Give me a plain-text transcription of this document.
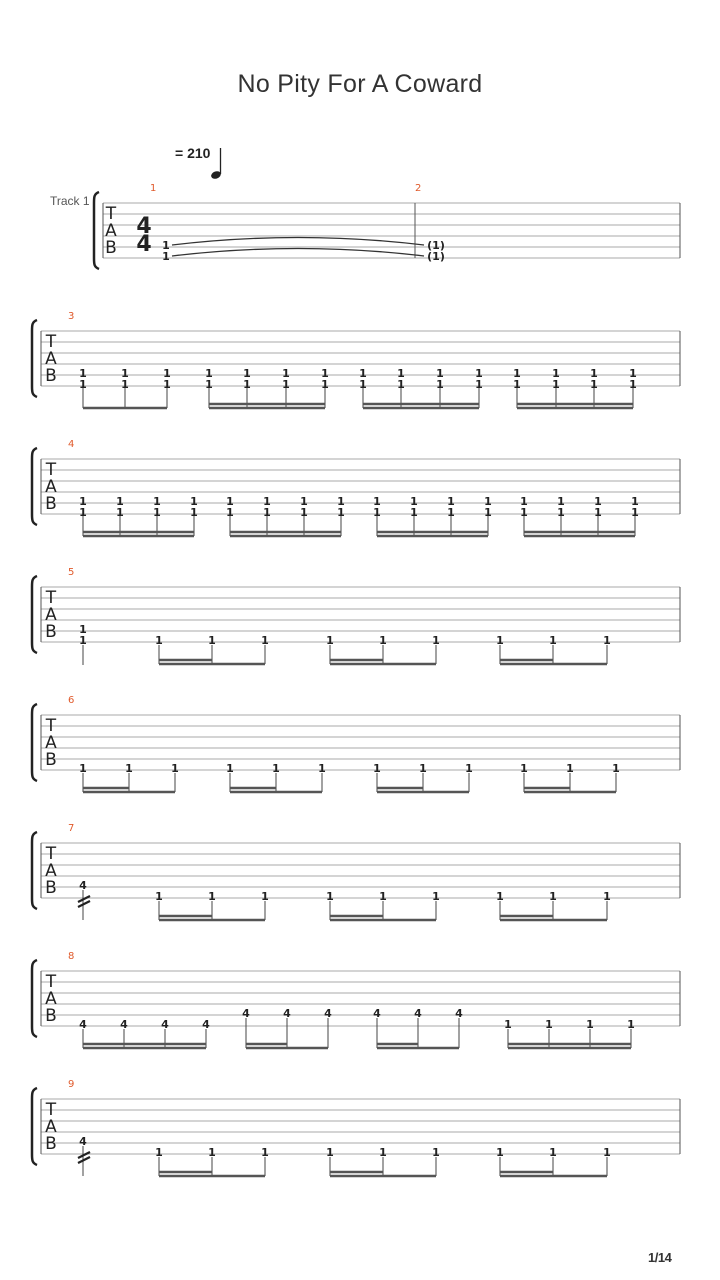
No Pity For A Coward
= 210
Track 1
T
A
B
1	2
4
4 1
1
(1)
(1)
T
A
B
3
1
1
1
1
1
1
1
1
1
1
1
1
1
1
1
1
1
1
1
1
1
1
1
1
1
1
1
1
1
1
T
A
B
4
1
1
1
1
1
1
1
1
1
1
1
1
1
1
1
1
1
1
1
1
1
1
1
1
1
1
1
1
1
1
1
1
T
A
B
5
1
1	1	1	1	1	1	1	1	1	1
T
A
B
6
1	1	1	1	1	1	1	1	1	1	1	1
T
A
B
7
4
1	1	1	1	1	1	1	1	1
T
A
B
8
4	4	4	4
4	4	4	4	4	4
1	1	1	1
T
A
B
9
4
1	1	1	1	1	1	1	1	1
1/14
